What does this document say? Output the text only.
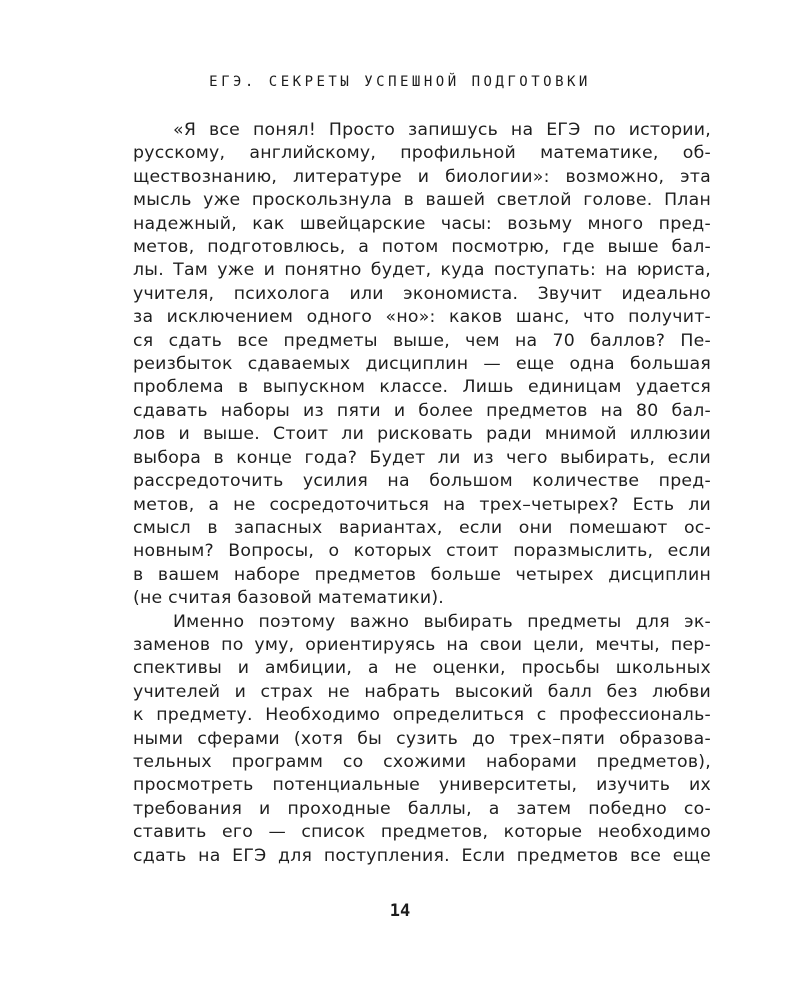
ЕГЭ. СЕКРЕТЫ УСПЕШНОЙ ПОДГОТОВКИ
«Я все понял! Просто запишусь на ЕГЭ по истории,
русскому, английскому, профильной математике, об-
ществознанию, литературе и биологии»: возможно, эта
мысль уже проскользнула в вашей светлой голове. План
надежный, как швейцарские часы: возьму много пред-
метов, подготовлюсь, а потом посмотрю, где выше бал-
лы. Там уже и понятно будет, куда поступать: на юриста,
учителя, психолога или экономиста. Звучит идеально
за исключением одного «но»: каков шанс, что получит-
ся сдать все предметы выше, чем на 70 баллов? Пе-
реизбыток сдаваемых дисциплин — еще одна большая
проблема в выпускном классе. Лишь единицам удается
сдавать наборы из пяти и более предметов на 80 бал-
лов и выше. Стоит ли рисковать ради мнимой иллюзии
выбора в конце года? Будет ли из чего выбирать, если
рассредоточить усилия на большом количестве пред-
метов, а не сосредоточиться на трех–четырех? Есть ли
смысл в запасных вариантах, если они помешают ос-
новным? Вопросы, о которых стоит поразмыслить, если
в вашем наборе предметов больше четырех дисциплин
(не считая базовой математики).
Именно поэтому важно выбирать предметы для эк-
заменов по уму, ориентируясь на свои цели, мечты, пер-
спективы и амбиции, а не оценки, просьбы школьных
учителей и страх не набрать высокий балл без любви
к предмету. Необходимо определиться с профессиональ-
ными сферами (хотя бы сузить до трех–пяти образова-
тельных программ со схожими наборами предметов),
просмотреть потенциальные университеты, изучить их
требования и проходные баллы, а затем победно со-
ставить его — список предметов, которые необходимо
сдать на ЕГЭ для поступления. Если предметов все еще
14
